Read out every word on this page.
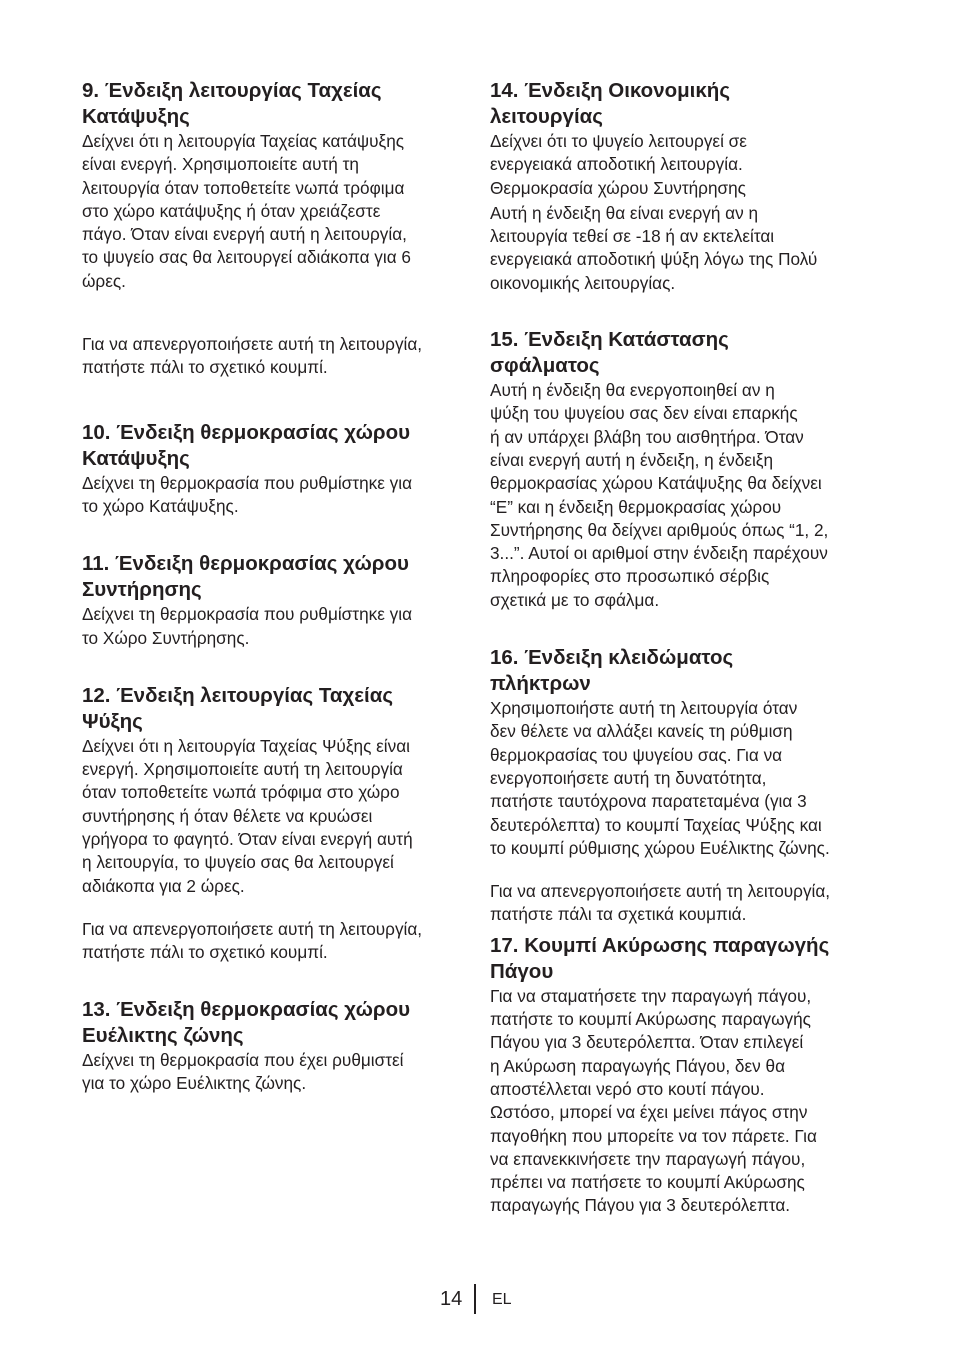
9. Ένδειξη λειτουργίας Ταχείας
Κατάψυξης

Δείχνει ότι η λειτουργία Ταχείας κατάψυξης
είναι ενεργή. Χρησιμοποιείτε αυτή τη
λειτουργία όταν τοποθετείτε νωπά τρόφιμα
στο χώρο κατάψυξης ή όταν χρειάζεστε
πάγο. Όταν είναι ενεργή αυτή η λειτουργία,
το ψυγείο σας θα λειτουργεί αδιάκοπα για 6
ώρες.

Για να απενεργοποιήσετε αυτή τη λειτουργία,
πατήστε πάλι το σχετικό κουμπί.

10. Ένδειξη θερμοκρασίας χώρου
Κατάψυξης

Δείχνει τη θερμοκρασία που ρυθμίστηκε για
το χώρο Κατάψυξης.

11. Ένδειξη θερμοκρασίας χώρου
Συντήρησης

Δείχνει τη θερμοκρασία που ρυθμίστηκε για
το Χώρο Συντήρησης.

12. Ένδειξη λειτουργίας Ταχείας
Ψύξης

Δείχνει ότι η λειτουργία Ταχείας Ψύξης είναι
ενεργή. Χρησιμοποιείτε αυτή τη λειτουργία
όταν τοποθετείτε νωπά τρόφιμα στο χώρο
συντήρησης ή όταν θέλετε να κρυώσει
γρήγορα το φαγητό. Όταν είναι ενεργή αυτή
η λειτουργία, το ψυγείο σας θα λειτουργεί
αδιάκοπα για 2 ώρες.

Για να απενεργοποιήσετε αυτή τη λειτουργία,
πατήστε πάλι το σχετικό κουμπί.

13. Ένδειξη θερμοκρασίας χώρου
Ευέλικτης ζώνης

Δείχνει τη θερμοκρασία που έχει ρυθμιστεί
για το χώρο Ευέλικτης ζώνης.

14. Ένδειξη Οικονομικής
λειτουργίας

Δείχνει ότι το ψυγείο λειτουργεί σε
ενεργειακά αποδοτική λειτουργία.
Θερμοκρασία χώρου Συντήρησης

Αυτή η ένδειξη θα είναι ενεργή αν η
λειτουργία τεθεί σε -18 ή αν εκτελείται
ενεργειακά αποδοτική ψύξη λόγω της Πολύ
οικονομικής λειτουργίας.

15. Ένδειξη Κατάστασης
σφάλματος

Αυτή η ένδειξη θα ενεργοποιηθεί αν η
ψύξη του ψυγείου σας δεν είναι επαρκής
ή αν υπάρχει βλάβη του αισθητήρα. Όταν
είναι ενεργή αυτή η ένδειξη, η ένδειξη
θερμοκρασίας χώρου Κατάψυξης θα δείχνει
“E” και η ένδειξη θερμοκρασίας χώρου
Συντήρησης θα δείχνει αριθμούς όπως “1, 2,
3...”. Αυτοί οι αριθμοί στην ένδειξη παρέχουν
πληροφορίες στο προσωπικό σέρβις
σχετικά με το σφάλμα.

16. Ένδειξη κλειδώματος
πλήκτρων

Χρησιμοποιήστε αυτή τη λειτουργία όταν
δεν θέλετε να αλλάξει κανείς τη ρύθμιση
θερμοκρασίας του ψυγείου σας. Για να
ενεργοποιήσετε αυτή τη δυνατότητα,
πατήστε ταυτόχρονα παρατεταμένα (για 3
δευτερόλεπτα) το κουμπί Ταχείας Ψύξης και
το κουμπί ρύθμισης χώρου Ευέλικτης ζώνης.

Για να απενεργοποιήσετε αυτή τη λειτουργία,
πατήστε πάλι τα σχετικά κουμπιά.

17. Κουμπί Ακύρωσης παραγωγής
Πάγου

Για να σταματήσετε την παραγωγή πάγου,
πατήστε το κουμπί Ακύρωσης παραγωγής
Πάγου για 3 δευτερόλεπτα. Όταν επιλεγεί
η Ακύρωση παραγωγής Πάγου, δεν θα
αποστέλλεται νερό στο κουτί πάγου.
Ωστόσο, μπορεί να έχει μείνει πάγος στην
παγοθήκη που μπορείτε να τον πάρετε. Για
να επανεκκινήσετε την παραγωγή πάγου,
πρέπει να πατήσετε το κουμπί Ακύρωσης
παραγωγής Πάγου για 3 δευτερόλεπτα.

14 EL
